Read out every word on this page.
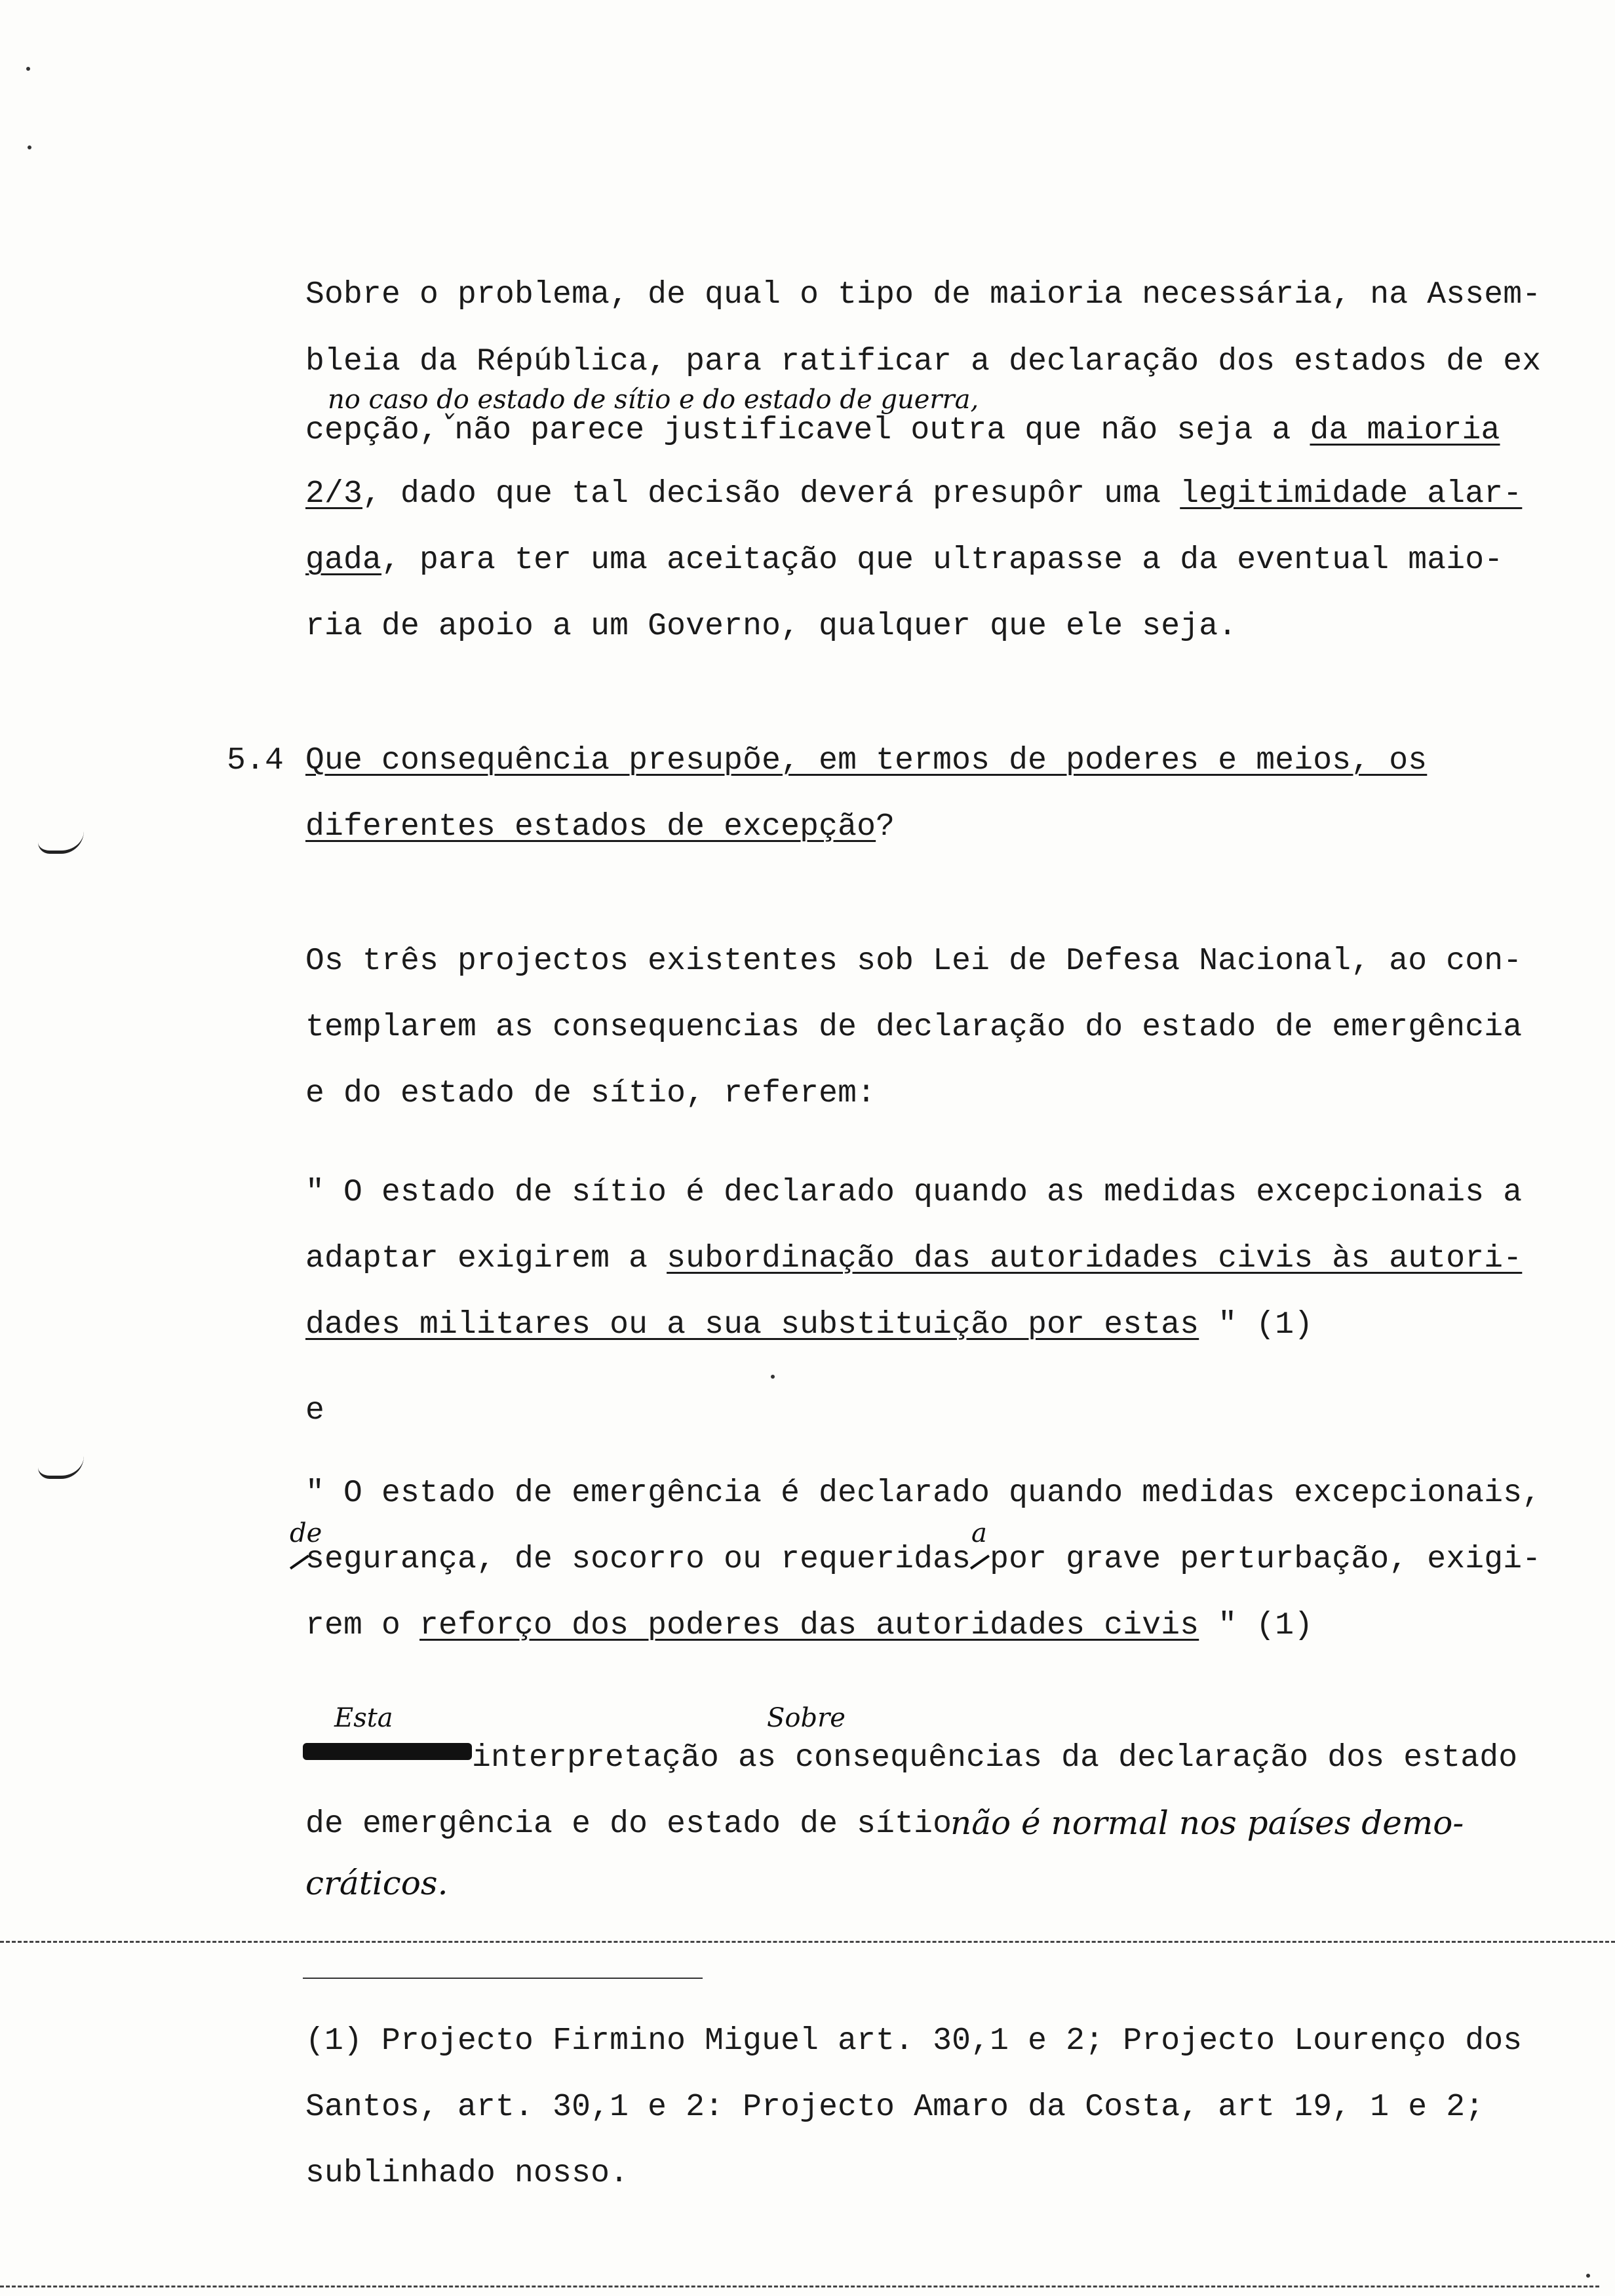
Sobre o problema, de qual o tipo de maioria necessária, na Assem-
bleia da Répública, para ratificar a declaração dos estados de ex
no caso do estado de sítio e do estado de guerra,
cepção,ˇnão parece justificavel outra que não seja a da maioria
2/3, dado que tal decisão deverá presupôr uma legitimidade alar-
gada, para ter uma aceitação que ultrapasse a da eventual maio-
ria de apoio a um Governo, qualquer que ele seja.
5.4 Que consequência presupõe, em termos de poderes e meios, os
diferentes estados de excepção?
Os três projectos existentes sob Lei de Defesa Nacional, ao con-
templarem as consequencias de declaração do estado de emergência
e do estado de sítio, referem:
" O estado de sítio é declarado quando as medidas excepcionais a
adaptar exigirem a subordinação das autoridades civis às autori-
dades militares ou a sua substituição por estas " (1)
e
" O estado de emergência é declarado quando medidas excepcionais,
de	a
segurança, de socorro ou requeridas por grave perturbação, exigi-
rem o reforço dos poderes das autoridades civis " (1)
Esta	Sobre
interpretação as consequências da declaração dos estado
de emergência e do estado de sítio
não é normal nos países demo-
cráticos.
(1) Projecto Firmino Miguel art. 30,1 e 2; Projecto Lourenço dos
Santos, art. 30,1 e 2: Projecto Amaro da Costa, art 19, 1 e 2;
sublinhado nosso.
